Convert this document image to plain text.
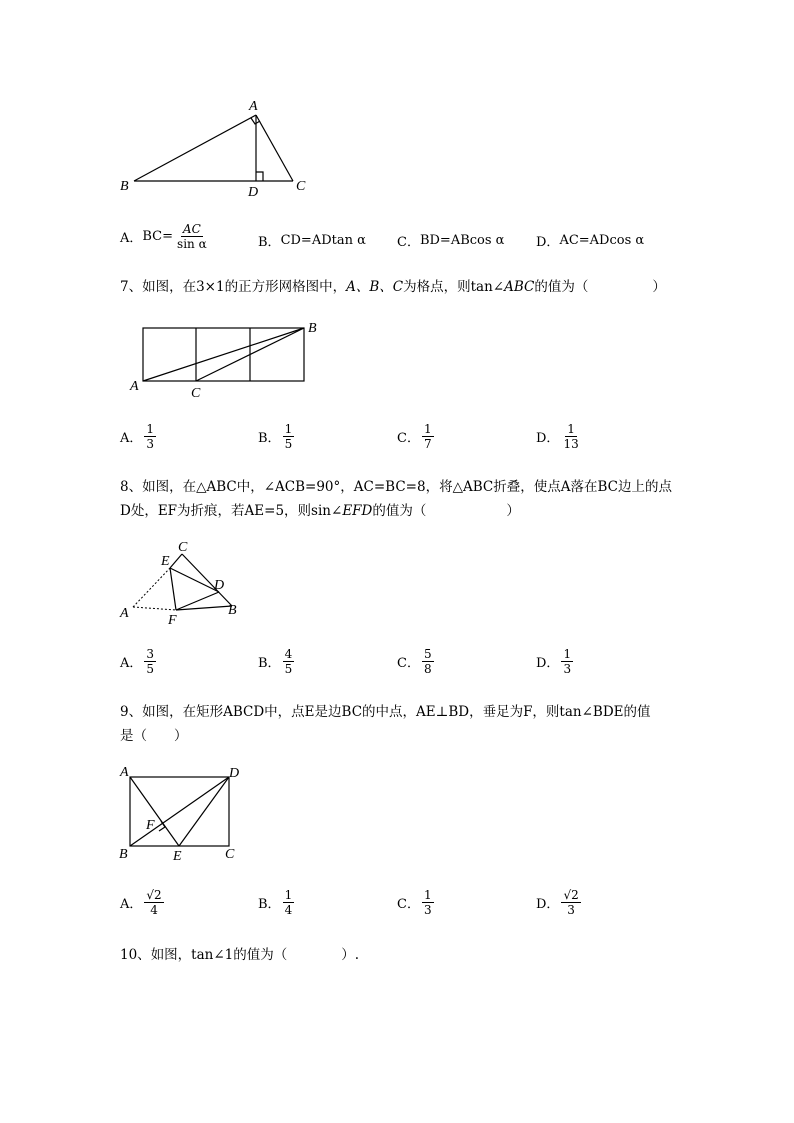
A
B	C
D
A． $BC= \frac{AC}{\text{sin α}}$	B． CD=ADtan α C． BD=ABcos α D． AC=ADcos α
7、如图，在3×1的正方形网格图中，A、B、C为格点，则tan∠ABC的值为（	）
A
B
C
A． $\frac{1}{3}$	B． $\frac{1}{5}$	C． $\frac{1}{7}$	D． $\frac{1}{13}$
8、如图，在△ABC中，∠ACB=90°，AC=BC=8，将△ABC折叠，使点A落在BC边上的点
D处，EF为折痕，若AE=5，则sin∠EFD的值为（	）
A	B
C
D
E
F
A． $\frac{3}{5}$	B． $\frac{4}{5}$	C． $\frac{5}{8}$	D． $\frac{1}{3}$
9、如图，在矩形ABCD中，点E是边BC的中点，AE⊥BD，垂足为F，则tan∠BDE的值
是（　　）
A
B	C
D
E
F
A． $\frac{√2}{4}$	B． $\frac{1}{4}$	C． $\frac{1}{3}$	D． $\frac{√2}{3}$
10、如图，tan∠1的值为（　　　　）.
